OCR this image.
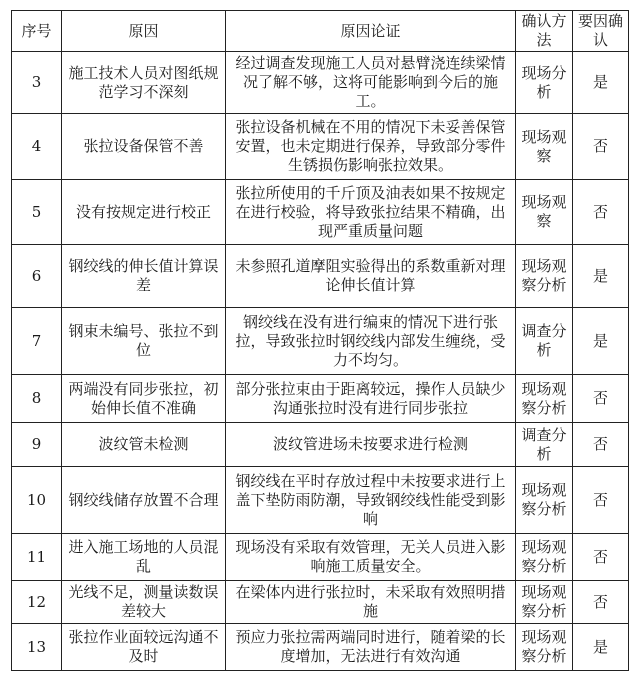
序号	原因	原因论证	确认方法	要因确认
3	施工技术人员对图纸规范学习不深刻	经过调查发现施工人员对悬臂浇连续梁情况了解不够，这将可能影响到今后的施工。	现场分析	是
4	张拉设备保管不善	张拉设备机械在不用的情况下未妥善保管安置，也未定期进行保养，导致部分零件生锈损伤影响张拉效果。	现场观察	否
5	没有按规定进行校正	张拉所使用的千斤顶及油表如果不按规定在进行校验，将导致张拉结果不精确，出现严重质量问题	现场观察	否
6	钢绞线的伸长值计算误差	未参照孔道摩阻实验得出的系数重新对理论伸长值计算	现场观察分析	是
7	钢束未编号、张拉不到位	钢绞线在没有进行编束的情况下进行张拉，导致张拉时钢绞线内部发生缠绕，受力不均匀。	调查分析	是
8	两端没有同步张拉，初始伸长值不准确	部分张拉束由于距离较远，操作人员缺少沟通张拉时没有进行同步张拉	现场观察分析	否
9	波纹管未检测	波纹管进场未按要求进行检测	调查分析	否
10	钢绞线储存放置不合理	钢绞线在平时存放过程中未按要求进行上盖下垫防雨防潮，导致钢绞线性能受到影响	现场观察分析	否
11	进入施工场地的人员混乱	现场没有采取有效管理，无关人员进入影响施工质量安全。	现场观察分析	否
12	光线不足，测量读数误差较大	在梁体内进行张拉时，未采取有效照明措施	现场观察分析	否
13	张拉作业面较远沟通不及时	预应力张拉需两端同时进行，随着梁的长度增加，无法进行有效沟通	现场观察分析	是
